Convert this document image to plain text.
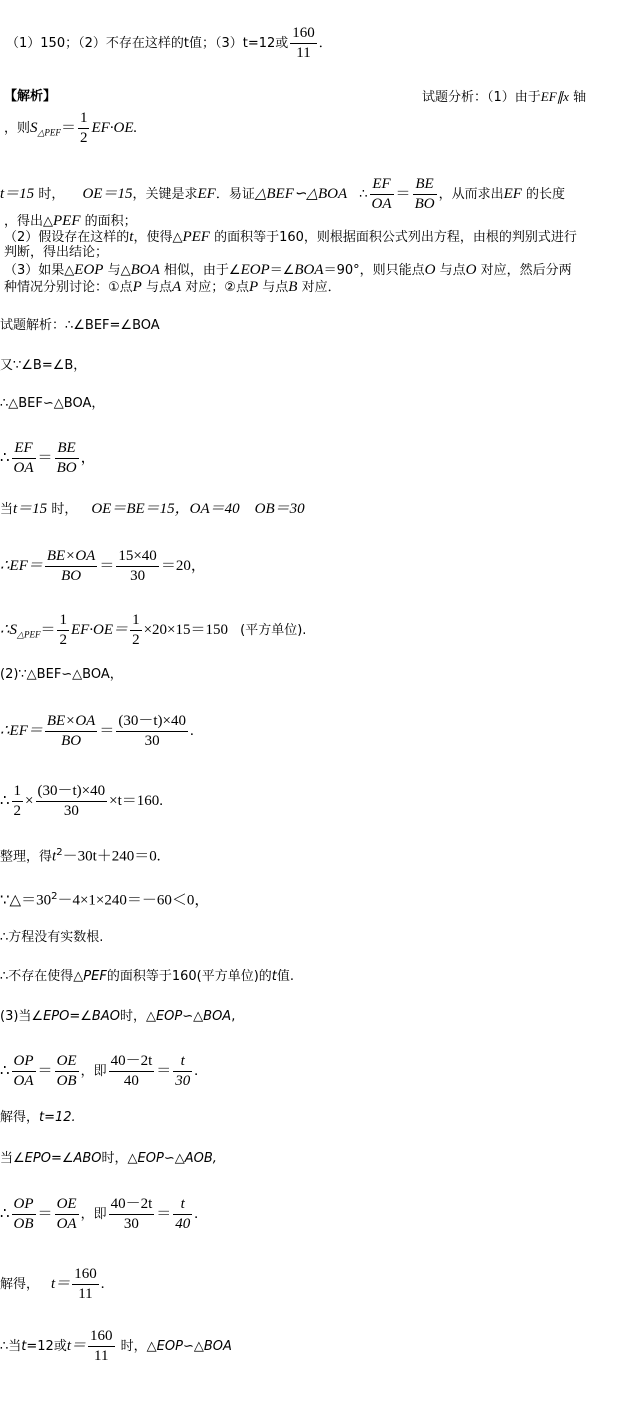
（1）150；（2）不存在这样的t值；（3）t=12或 $\frac{160}{11}$ ．
【解析】	试题分析：（1）由于EF∥x 轴
，则$S_{\triangle PEF}= \frac{1}{2} EF\cdot OE$.
t＝15 时， OE＝15，关键是求EF．易证△BEF∽△BOA ∴ $\frac{EF}{OA} = \frac{BE}{BO}$ ，从而求出EF 的长度
，得出△PEF 的面积；
（2）假设存在这样的t，使得△PEF 的面积等于160，则根据面积公式列出方程，由根的判别式进行
判断，得出结论；
（3）如果△EOP 与△BOA 相似，由于∠EOP＝∠BOA＝90°，则只能点O 与点O 对应，然后分两
种情况分别讨论：①点P 与点A 对应；②点P 与点B 对应．
试题解析：∴∠BEF=∠BOA
又∵∠B=∠B，
∴△BEF∽△BOA，
∴ $\frac{EF}{OA} = \frac{BE}{BO}$ ，
当t＝15 时， OE＝BE＝15，OA＝40　OB＝30
∴EF＝ $\frac{BE\times OA}{BO} = \frac{15\times 40}{30} =20$，
$\therefore S_{\triangle PEF}= \frac{1}{2} EF\cdot OE= \frac{1}{2} \times 20\times 15=150$ (平方单位).
(2)∵△BEF∽△BOA，
∴EF＝ $\frac{BE\times OA}{BO} = \frac{(30-t)\times 40}{30}$ .
∴ $\frac{1}{2} \times \frac{(30-t)\times 40}{30} \times t=160$.
整理，得$t^2-30t+240=0$.
$\because\triangle=30^2-4\times 1\times 240=-60<0$，
∴方程没有实数根.
∴不存在使得△PEF的面积等于160(平方单位)的t值.
(3)当∠EPO=∠BAO时，△EOP∽△BOA,
∴ $\frac{OP}{OA} = \frac{OE}{OB}$ ，即 $\frac{40-2t}{40} = \frac{t}{30}$ .
解得，t=12.
当∠EPO=∠ABO时，△EOP∽△AOB,
∴ $\frac{OP}{OB} = \frac{OE}{OA}$ ，即 $\frac{40-2t}{30} = \frac{t}{40}$ .
解得， $t= \frac{160}{11}$ .
∴当t=12或$t= \frac{160}{11}$ 时，△EOP∽△BOA
